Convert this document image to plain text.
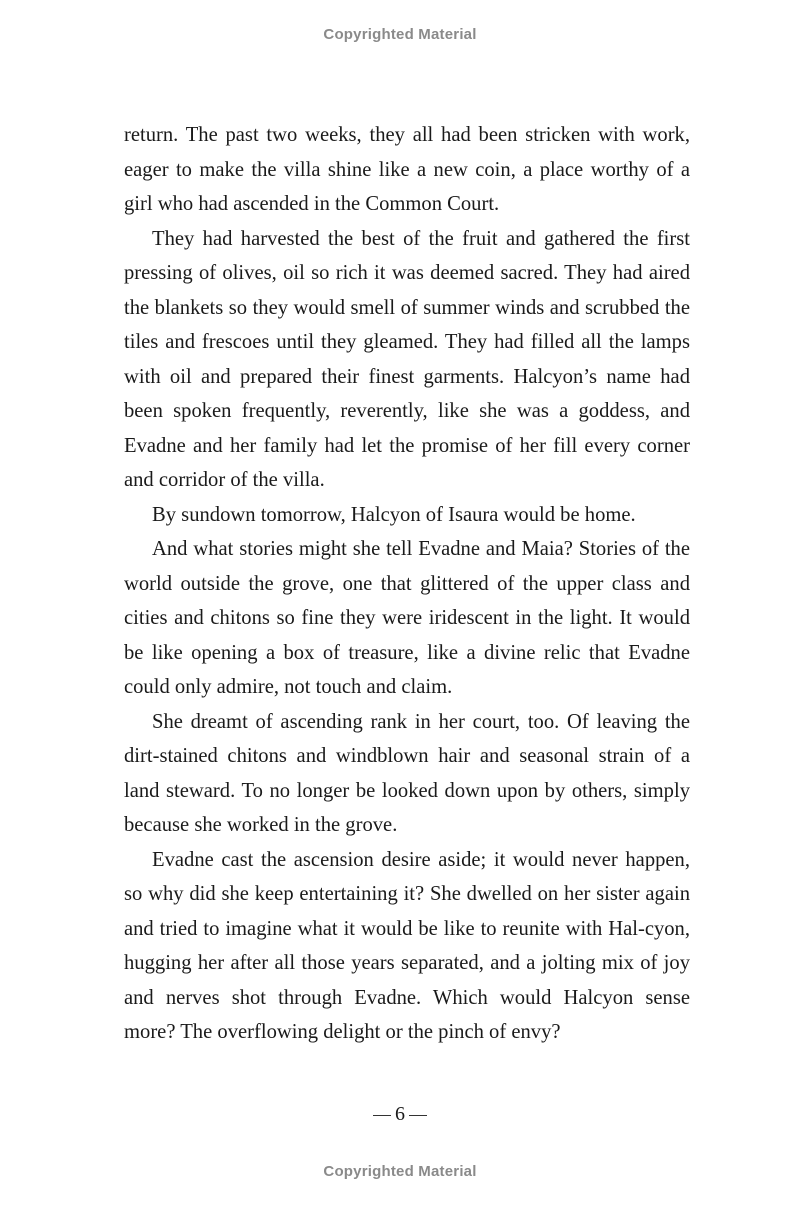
Copyrighted Material

return. The past two weeks, they all had been stricken with work, eager to make the villa shine like a new coin, a place worthy of a girl who had ascended in the Common Court.

They had harvested the best of the fruit and gathered the first pressing of olives, oil so rich it was deemed sacred. They had aired the blankets so they would smell of summer winds and scrubbed the tiles and frescoes until they gleamed. They had filled all the lamps with oil and prepared their finest garments. Halcyon’s name had been spoken frequently, reverently, like she was a goddess, and Evadne and her family had let the promise of her fill every corner and corridor of the villa.

By sundown tomorrow, Halcyon of Isaura would be home.

And what stories might she tell Evadne and Maia? Stories of the world outside the grove, one that glittered of the upper class and cities and chitons so fine they were iridescent in the light. It would be like opening a box of treasure, like a divine relic that Evadne could only admire, not touch and claim.

She dreamt of ascending rank in her court, too. Of leaving the dirt-stained chitons and windblown hair and seasonal strain of a land steward. To no longer be looked down upon by others, simply because she worked in the grove.

Evadne cast the ascension desire aside; it would never happen, so why did she keep entertaining it? She dwelled on her sister again and tried to imagine what it would be like to reunite with Hal-cyon, hugging her after all those years separated, and a jolting mix of joy and nerves shot through Evadne. Which would Halcyon sense more? The overflowing delight or the pinch of envy?

6
Copyrighted Material
